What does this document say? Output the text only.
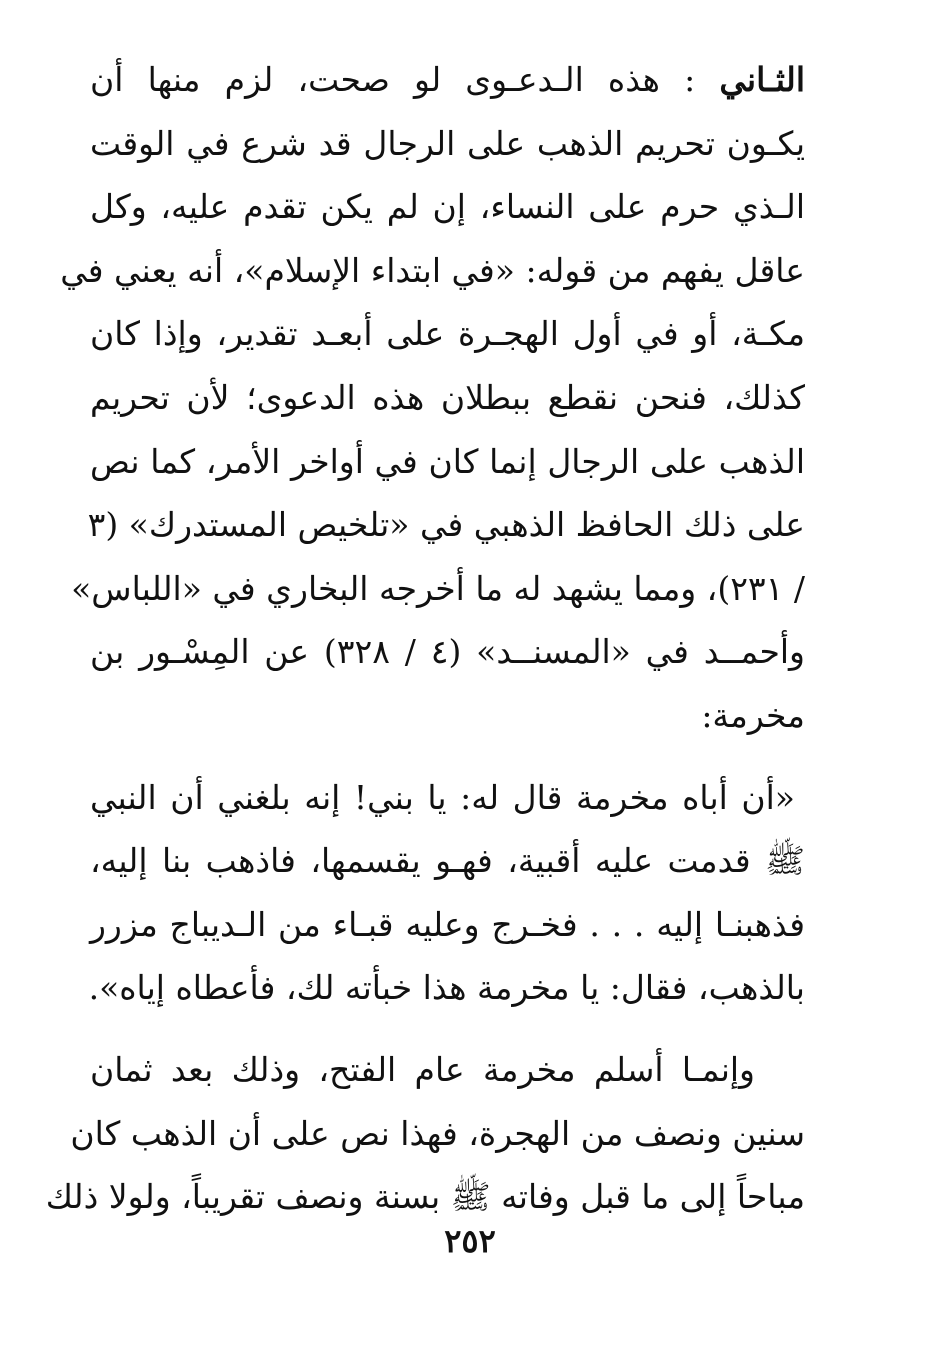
الثـاني : هذه الـدعـوى لو صحت، لزم منها أن
يكـون تحريم الذهب على الرجال قد شرع في الوقت
الـذي حرم على النساء، إن لم يكن تقدم عليه، وكل
عاقل يفهم من قوله: «في ابتداء الإسلام»، أنه يعني في
مكـة، أو في أول الهجـرة على أبعـد تقدير، وإذا كان
كذلك، فنحن نقطع ببطلان هذه الدعوى؛ لأن تحريم
الذهب على الرجال إنما كان في أواخر الأمر، كما نص
على ذلك الحافظ الذهبي في «تلخيص المستدرك» (٣
/ ٢٣١)، ومما يشهد له ما أخرجه البخاري في «اللباس»
وأحمــد في «المسنــد» (٤ / ٣٢٨) عن المِسْـور بن
مخرمة:
«أن أباه مخرمة قال له: يا بني! إنه بلغني أن النبي
ﷺ قدمت عليه أقبية، فهـو يقسمها، فاذهب بنا إليه،
فذهبنـا إليه . . . فخـرج وعليه قبـاء من الـديباج مزرر
بالذهب، فقال: يا مخرمة هذا خبأته لك، فأعطاه إياه».
وإنمـا أسلم مخرمة عام الفتح، وذلك بعد ثمان
سنين ونصف من الهجرة، فهذا نص على أن الذهب كان
مباحاً إلى ما قبل وفاته ﷺ بسنة ونصف تقريباً، ولولا ذلك
٢٥٢
